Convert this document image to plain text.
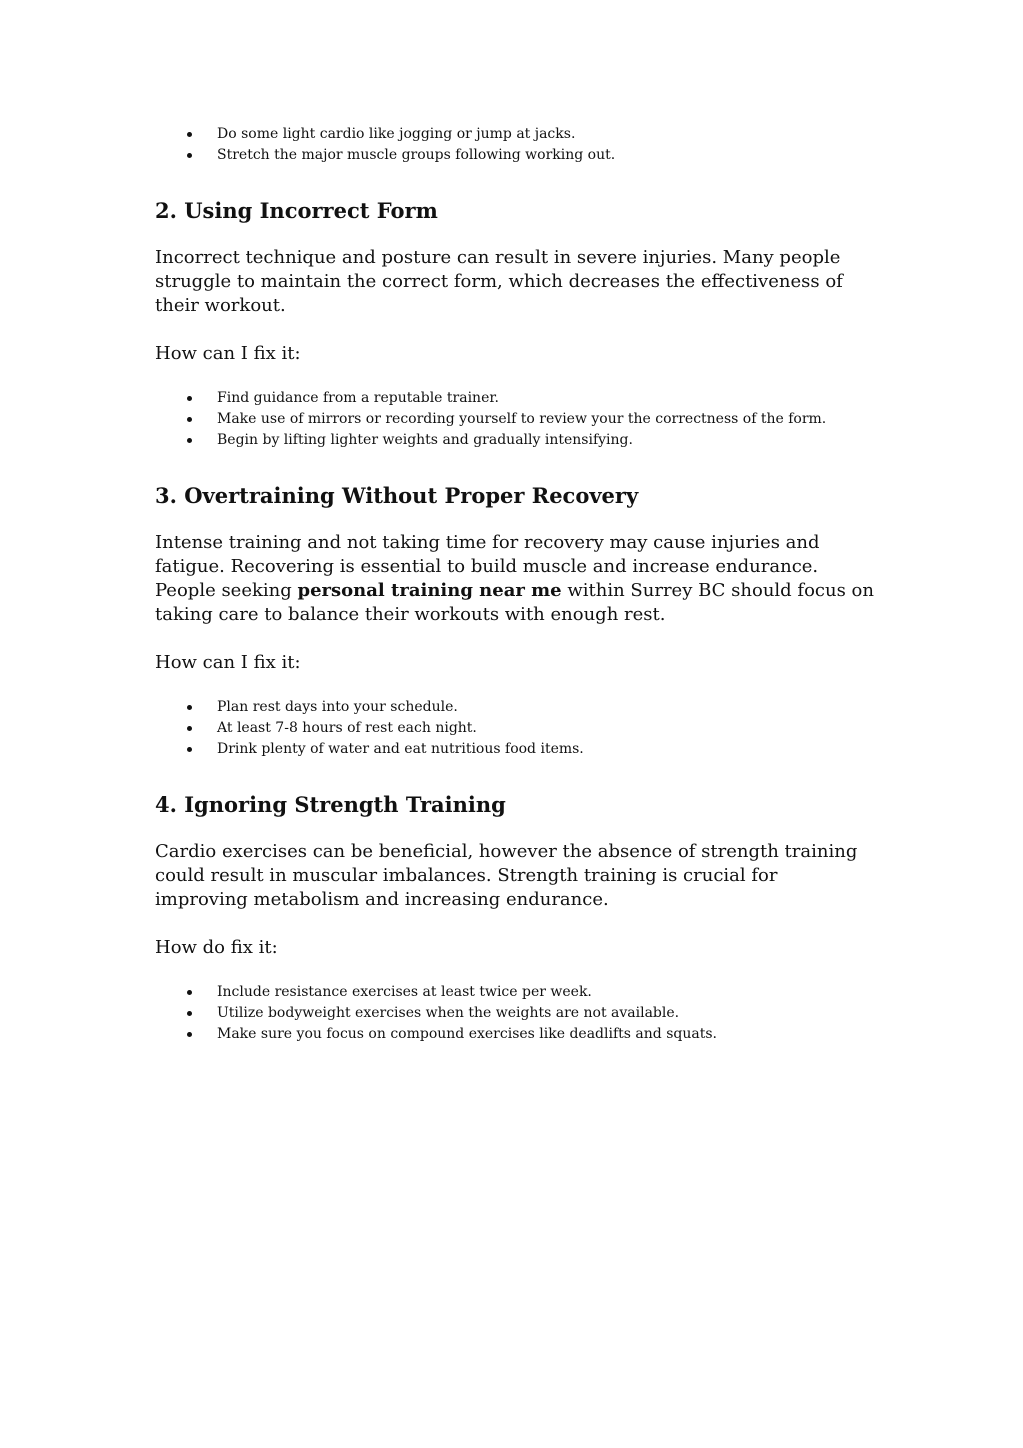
Do some light cardio like jogging or jump at jacks.
Stretch the major muscle groups following working out.
2. Using Incorrect Form

Incorrect technique and posture can result in severe injuries. Many people struggle to maintain the correct form, which decreases the effectiveness of their workout.

How can I fix it:

Find guidance from a reputable trainer.
Make use of mirrors or recording yourself to review your the correctness of the form.
Begin by lifting lighter weights and gradually intensifying.
3. Overtraining Without Proper Recovery

Intense training and not taking time for recovery may cause injuries and fatigue. Recovering is essential to build muscle and increase endurance. People seeking personal training near me within Surrey BC should focus on taking care to balance their workouts with enough rest.

How can I fix it:

Plan rest days into your schedule.
At least 7-8 hours of rest each night.
Drink plenty of water and eat nutritious food items.
4. Ignoring Strength Training

Cardio exercises can be beneficial, however the absence of strength training could result in muscular imbalances. Strength training is crucial for improving metabolism and increasing endurance.

How do fix it:

Include resistance exercises at least twice per week.
Utilize bodyweight exercises when the weights are not available.
Make sure you focus on compound exercises like deadlifts and squats.
